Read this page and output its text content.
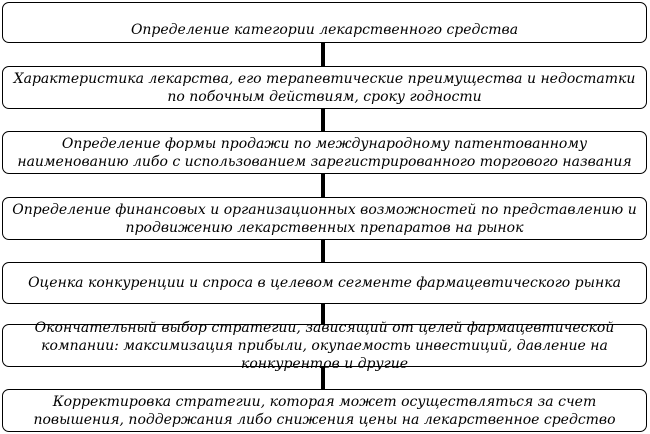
Определение категории лекарственного средства
Характеристика лекарства, его терапевтические преимущества и недостатки по побочным действиям, сроку годности
Определение формы продажи по международному патентованному наименованию либо с использованием зарегистрированного торгового названия
Определение финансовых и организационных возможностей по представлению и продвижению лекарственных препаратов на рынок
Оценка конкуренции и спроса в целевом сегменте фармацевтического рынка
Окончательный выбор стратегии, зависящий от целей фармацевтической компании: максимизация прибыли, окупаемость инвестиций, давление на конкурентов и другие
Корректировка стратегии, которая может осуществляться за счет повышения, поддержания либо снижения цены на лекарственное средство
